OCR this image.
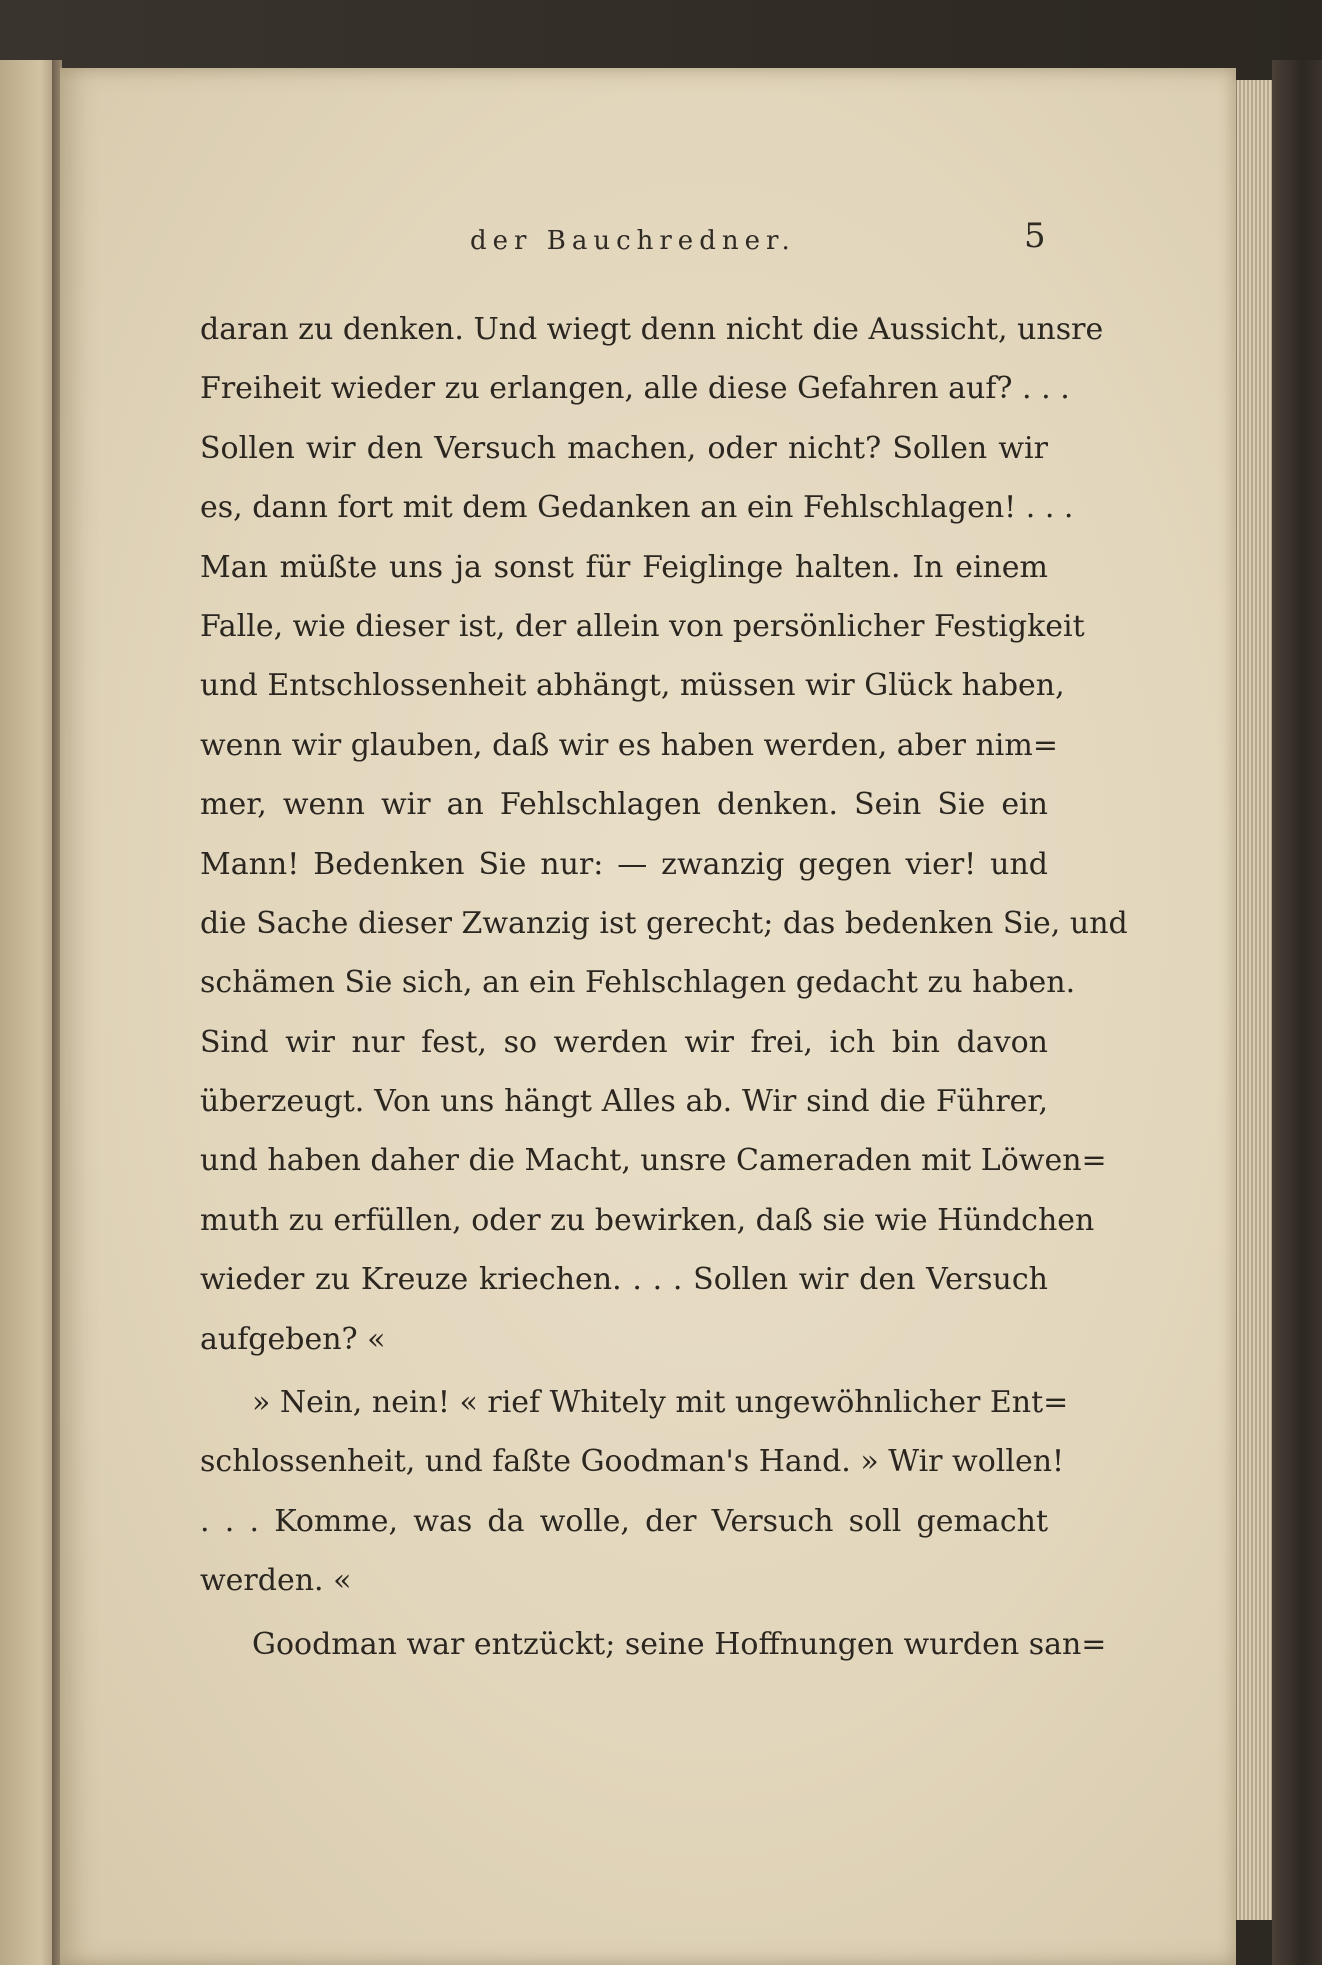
der Bauchredner.	5
daran zu denken. Und wiegt denn nicht die Aussicht, unsre
Freiheit wieder zu erlangen, alle diese Gefahren auf? . . .
Sollen wir den Versuch machen, oder nicht? Sollen wir
es, dann fort mit dem Gedanken an ein Fehlschlagen! . . .
Man müßte uns ja sonst für Feiglinge halten. In einem
Falle, wie dieser ist, der allein von persönlicher Festigkeit
und Entschlossenheit abhängt, müssen wir Glück haben,
wenn wir glauben, daß wir es haben werden, aber nim=
mer, wenn wir an Fehlschlagen denken. Sein Sie ein
Mann! Bedenken Sie nur: — zwanzig gegen vier! und
die Sache dieser Zwanzig ist gerecht; das bedenken Sie, und
schämen Sie sich, an ein Fehlschlagen gedacht zu haben.
Sind wir nur fest, so werden wir frei, ich bin davon
überzeugt. Von uns hängt Alles ab. Wir sind die Führer,
und haben daher die Macht, unsre Cameraden mit Löwen=
muth zu erfüllen, oder zu bewirken, daß sie wie Hündchen
wieder zu Kreuze kriechen. . . . Sollen wir den Versuch
aufgeben? «
» Nein, nein! « rief Whitely mit ungewöhnlicher Ent=
schlossenheit, und faßte Goodman's Hand. » Wir wollen!
. . . Komme, was da wolle, der Versuch soll gemacht
werden. «
Goodman war entzückt; seine Hoffnungen wurden san=
